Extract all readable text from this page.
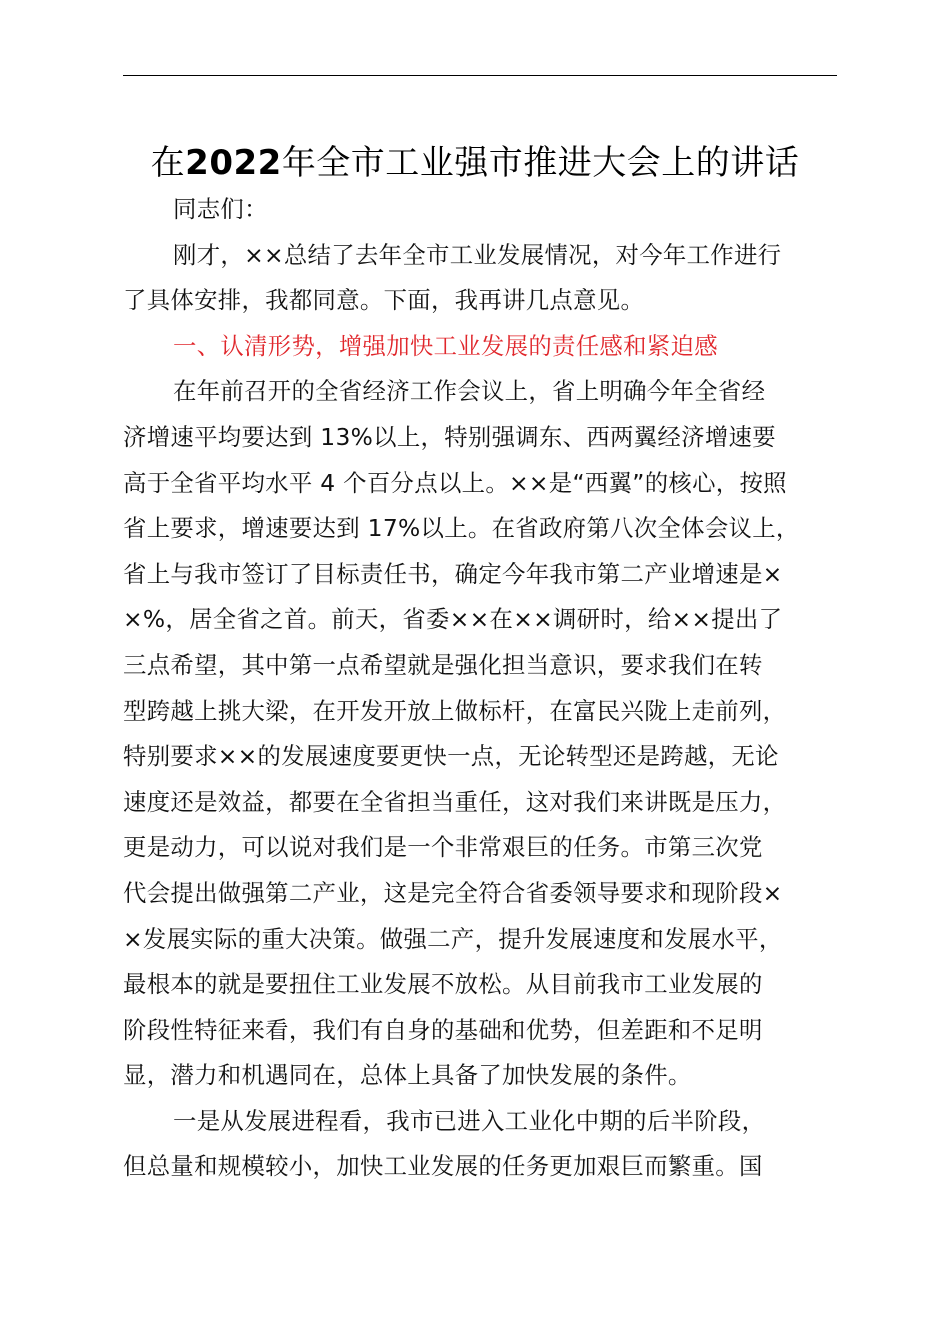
在2022年全市工业强市推进大会上的讲话

同志们：

刚才，××总结了去年全市工业发展情况，对今年工作进行
了具体安排，我都同意。下面，我再讲几点意见。

一、认清形势，增强加快工业发展的责任感和紧迫感

在年前召开的全省经济工作会议上，省上明确今年全省经
济增速平均要达到 13%以上，特别强调东、西两翼经济增速要
高于全省平均水平 4 个百分点以上。××是“西翼”的核心，按照
省上要求，增速要达到 17%以上。在省政府第八次全体会议上，
省上与我市签订了目标责任书，确定今年我市第二产业增速是×
×%，居全省之首。前天，省委××在××调研时，给××提出了
三点希望，其中第一点希望就是强化担当意识，要求我们在转
型跨越上挑大梁，在开发开放上做标杆，在富民兴陇上走前列，
特别要求××的发展速度要更快一点，无论转型还是跨越，无论
速度还是效益，都要在全省担当重任，这对我们来讲既是压力，
更是动力，可以说对我们是一个非常艰巨的任务。市第三次党
代会提出做强第二产业，这是完全符合省委领导要求和现阶段×
×发展实际的重大决策。做强二产，提升发展速度和发展水平，
最根本的就是要扭住工业发展不放松。从目前我市工业发展的
阶段性特征来看，我们有自身的基础和优势，但差距和不足明
显，潜力和机遇同在，总体上具备了加快发展的条件。

一是从发展进程看，我市已进入工业化中期的后半阶段，
但总量和规模较小，加快工业发展的任务更加艰巨而繁重。国
